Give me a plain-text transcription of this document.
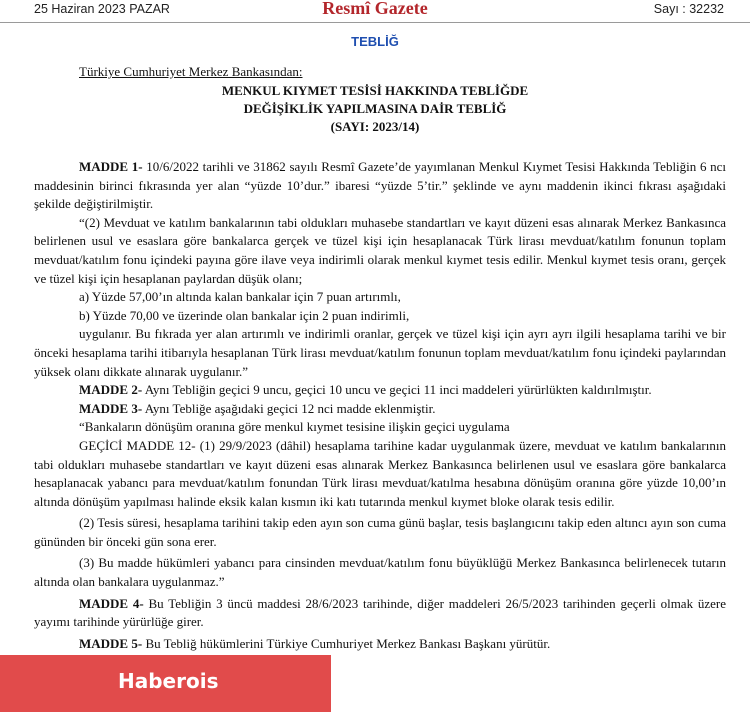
25 Haziran 2023 PAZAR	Resmî Gazete	Sayı : 32232
TEBLİĞ
Türkiye Cumhuriyet Merkez Bankasından:
MENKUL KIYMET TESİSİ HAKKINDA TEBLİĞDE
DEĞİŞİKLİK YAPILMASINA DAİR TEBLİĞ
(SAYI: 2023/14)

MADDE 1- 10/6/2022 tarihli ve 31862 sayılı Resmî Gazete’de yayımlanan Menkul Kıymet Tesisi Hakkında Tebliğin 6 ncı maddesinin birinci fıkrasında yer alan “yüzde 10’dur.” ibaresi “yüzde 5’tir.” şeklinde ve aynı maddenin ikinci fıkrası aşağıdaki şekilde değiştirilmiştir.

“(2) Mevduat ve katılım bankalarının tabi oldukları muhasebe standartları ve kayıt düzeni esas alınarak Merkez Bankasınca belirlenen usul ve esaslara göre bankalarca gerçek ve tüzel kişi için hesaplanacak Türk lirası mevduat/katılım fonunun toplam mevduat/katılım fonu içindeki payına göre ilave veya indirimli olarak menkul kıymet tesis edilir. Menkul kıymet tesis oranı, gerçek ve tüzel kişi için hesaplanan paylardan düşük olanı;

a) Yüzde 57,00’ın altında kalan bankalar için 7 puan artırımlı,

b) Yüzde 70,00 ve üzerinde olan bankalar için 2 puan indirimli,

uygulanır. Bu fıkrada yer alan artırımlı ve indirimli oranlar, gerçek ve tüzel kişi için ayrı ayrı ilgili hesaplama tarihi ve bir önceki hesaplama tarihi itibarıyla hesaplanan Türk lirası mevduat/katılım fonunun toplam mevduat/katılım fonu içindeki paylarından yüksek olanı dikkate alınarak uygulanır.”

MADDE 2- Aynı Tebliğin geçici 9 uncu, geçici 10 uncu ve geçici 11 inci maddeleri yürürlükten kaldırılmıştır.

MADDE 3- Aynı Tebliğe aşağıdaki geçici 12 nci madde eklenmiştir.

“Bankaların dönüşüm oranına göre menkul kıymet tesisine ilişkin geçici uygulama

GEÇİCİ MADDE 12- (1) 29/9/2023 (dâhil) hesaplama tarihine kadar uygulanmak üzere, mevduat ve katılım bankalarının tabi oldukları muhasebe standartları ve kayıt düzeni esas alınarak Merkez Bankasınca belirlenen usul ve esaslara göre bankalarca hesaplanacak yabancı para mevduat/katılım fonundan Türk lirası mevduat/katılma hesabına dönüşüm oranına göre yüzde 10,00’ın altında dönüşüm yapılması halinde eksik kalan kısmın iki katı tutarında menkul kıymet bloke olarak tesis edilir.

(2) Tesis süresi, hesaplama tarihini takip eden ayın son cuma günü başlar, tesis başlangıcını takip eden altıncı ayın son cuma gününden bir önceki gün sona erer.

(3) Bu madde hükümleri yabancı para cinsinden mevduat/katılım fonu büyüklüğü Merkez Bankasınca belirlenecek tutarın altında olan bankalara uygulanmaz.”

MADDE 4- Bu Tebliğin 3 üncü maddesi 28/6/2023 tarihinde, diğer maddeleri 26/5/2023 tarihinden geçerli olmak üzere yayımı tarihinde yürürlüğe girer.

MADDE 5- Bu Tebliğ hükümlerini Türkiye Cumhuriyet Merkez Bankası Başkanı yürütür.

Haberois
